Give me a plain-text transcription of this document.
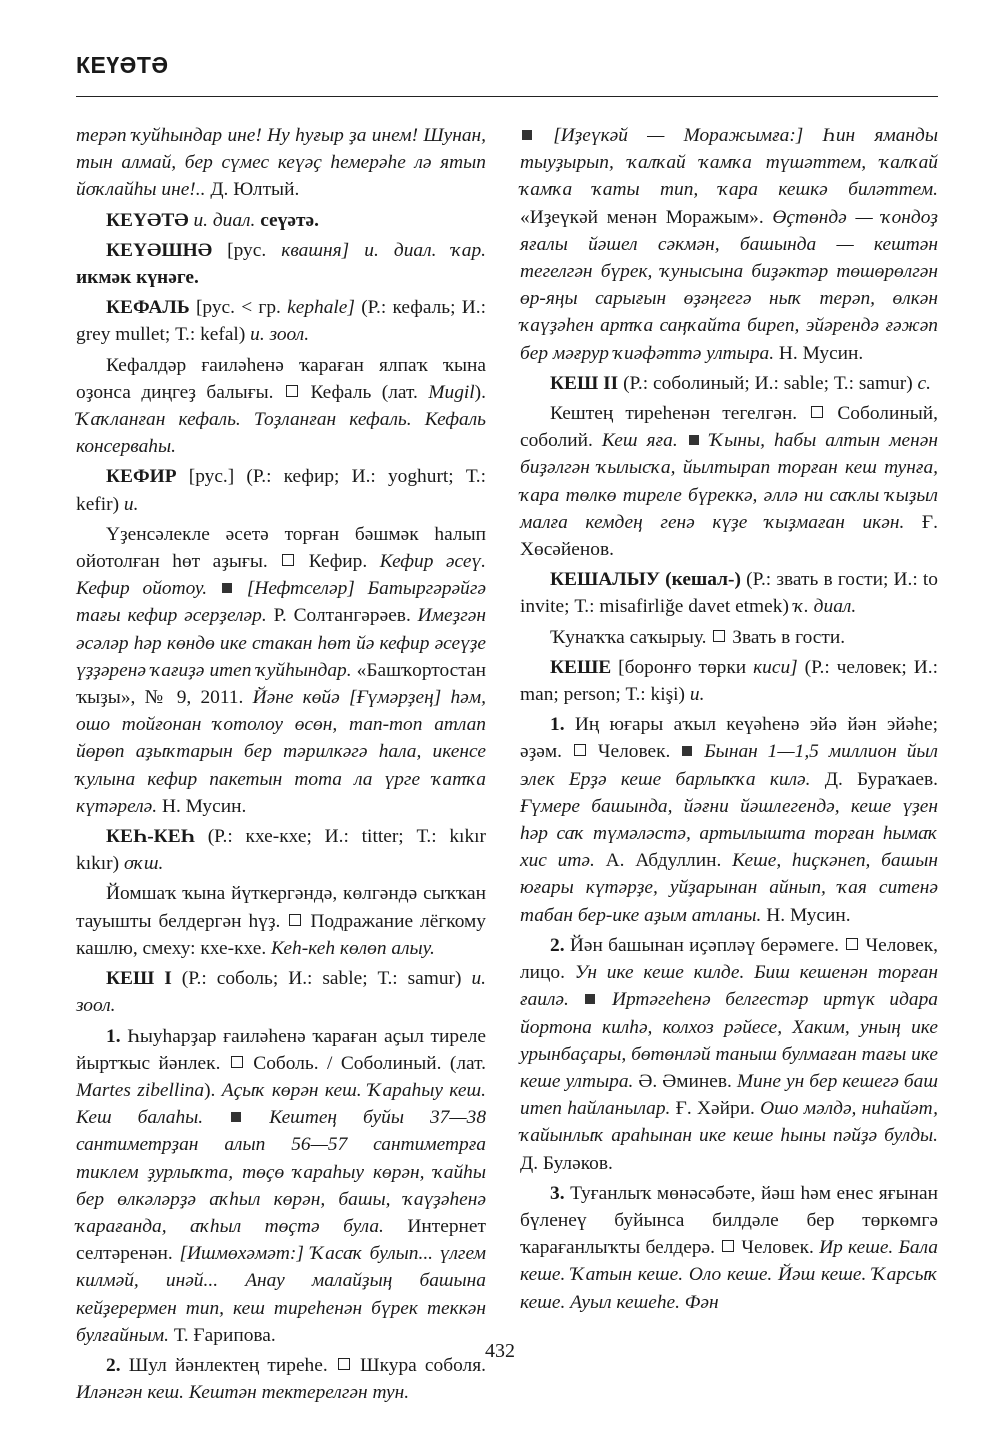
КЕҮӘТӘ

терәп ҡуйһындар ине! Ну һуғыр ҙа инем! Шунан, тын алмай, бер сүмес кеүәҫ һемерәһе лә ятып йоҡлайһы ине!.. Д. Юлтый.

КЕҮӘТӘ и. диал. сеүәтә.

КЕҮӘШНӘ [рус. квашня] и. диал. ҡар. икмәк күнәге.

КЕФАЛЬ [рус. < гр. kephale] (Р.: кефаль; И.: grey mullet; Т.: kefal) и. зоол.

Кефалдәр ғаиләһенә ҡараған ялпаҡ ҡына оҙонса диңгеҙ балығы. Кефаль (лат. Mugil). Ҡаҡланған кефаль. Тоҙланған кефаль. Кефаль консерваһы.

КЕФИР [рус.] (Р.: кефир; И.: yoghurt; Т.: kefir) и.

Үҙенсәлекле әсетә торған бәшмәк һалып ойотолған һөт аҙығы. Кефир. Кефир әсеү. Кефир ойотоу. [Нефтселәр] Батыргәрәйгә тағы кефир әсерҙеләр. Р. Солтангәрәев. Имеҙгән әсәләр һәр көндө ике стакан һөт йә кефир әсеүҙе үҙҙәренә ҡағиҙә итеп ҡуйһындар. «Башҡортостан ҡыҙы», № 9, 2011. Йәне көйә [Ғүмәрҙең] һәм, ошо тойғонан ҡотолоу өсөн, тап-топ атлап йөрөп аҙыҡтарын бер тәрилкәгә һала, икенсе ҡулына кефир пакетын тота ла үрге ҡатҡа күтәрелә. Н. Мусин.

КЕҺ-КЕҺ (Р.: кхе-кхе; И.: titter; Т.: kıkır kıkır) оҡш.

Йомшаҡ ҡына йүткергәндә, көлгәндә сыҡҡан тауышты белдергән һүҙ. Подражание лёгкому кашлю, смеху: кхе-кхе. Кеһ-кеһ көлөп алыу.

КЕШ I (Р.: соболь; И.: sable; Т.: samur) и. зоол.

1. Һыуһарҙар ғаиләһенә ҡараған аҫыл тиреле йыртҡыс йәнлек. Соболь. / Соболиный. (лат. Martes zibellina). Аҫыҡ көрән кеш. Ҡараһыу кеш. Кеш балаһы.	Кештең буйы 37—38 сантиметрҙан алып 56—57 сантиметрға тиклем ҙурлыҡта, төҫө ҡараһыу көрән, ҡайһы бер өлкәләрҙә аҡһыл көрән, башы, ҡаүҙәһенә ҡарағанда, аҡһыл төҫтә була. Интернет селтәренән. [Ишмөхәмәт:] Ҡасаҡ булып... үлгем килмәй, инәй... Анау малайҙың башына кейҙерермен тип, кеш тиреһенән бүрек теккән булғайным. Т. Ғарипова.

2. Шул йәнлектең тиреһе. Шкура соболя. Иләнгән кеш. Кештән тектерелгән тун.

[Иҙеүкәй — Моражымға:] Һин яманды тыуҙырып, ҡалҡай ҡамҡа түшәттем, ҡалҡай ҡамҡа ҡаты тип, ҡара кешкә биләттем. «Иҙеүкәй менән Моражым». Өҫтөндә — ҡондоҙ яғалы йәшел сәкмән, башында — кештән тегелгән бүрек, ҡунысына биҙәктәр төшөрөлгән өр-яңы сарығын өҙәңгегә ныҡ терәп, өлкән ҡаүҙәһен артҡа саңҡайта биреп, эйәрендә ғәжәп бер мәғрур ҡиәфәттә ултыра. Н. Мусин.

КЕШ II (Р.: соболиный; И.: sable; Т.: samur) с.

Кештең тиреһенән тегелгән. Соболиный, соболий. Кеш яға. Ҡыны, һабы алтын менән биҙәлгән ҡылысҡа, йылтырап торған кеш тунға, ҡара төлкө тиреле бүреккә, әллә ни саҡлы ҡыҙыл малға кемдең генә күҙе ҡыҙмаған икән. Ғ. Хөсәйенов.

КЕШАЛЫУ (кешал-) (Р.: звать в гости; И.: to invite; Т.: misafirliğe davet etmek) ҡ. диал.

Ҡунаҡҡа саҡырыу. Звать в гости.

КЕШЕ [боронғо төрки киси] (Р.: человек; И.: man; person; Т.: kişi) и.

1. Иң юғары аҡыл кеүәһенә эйә йән эйәһе; әҙәм. Человек. Бынан 1—1,5 миллион йыл элек Ерҙә кеше барлыҡҡа килә. Д. Бураҡаев. Ғүмере башында, йәғни йәшлегендә, кеше үҙен һәр саҡ түмәләстә, артылыштa торған һымаҡ хис итә. А. Абдуллин. Кеше, һиҫкәнеп, башын юғары күтәрҙе, уйҙарынан айнып, ҡая ситенә табан бер-ике аҙым атланы. Н. Мусин.

2. Йән башынан иҫәпләү берәмеге. Человек, лицо. Ун ике кеше килде. Биш кешенән торған ғаилә. Иртәгеһенә белгестәр иртүк идара йортона килһә, колхоз рәйесе, Хаким, уның ике урынбаҫары, бөтөнләй таныш булмаған тағы ике кеше ултыра. Ә. Әминев. Мине ун бер кешегә баш итеп һайланылар. Ғ. Хәйри. Ошо мәлдә, ниһайәт, ҡайынлыҡ араһынан ике кеше һыны пәйҙә булды. Д. Буләков.

3. Туғанлыҡ мөнәсәбәте, йәш һәм енес яғынан бүленеү буйынса билдәле бер төркөмгә ҡарағанлыҡты белдерә. Человек. Ир кеше. Бала кеше. Ҡатын кеше. Оло кеше. Йәш кеше. Ҡарсыҡ кеше. Ауыл кешеһе. Фән

432
